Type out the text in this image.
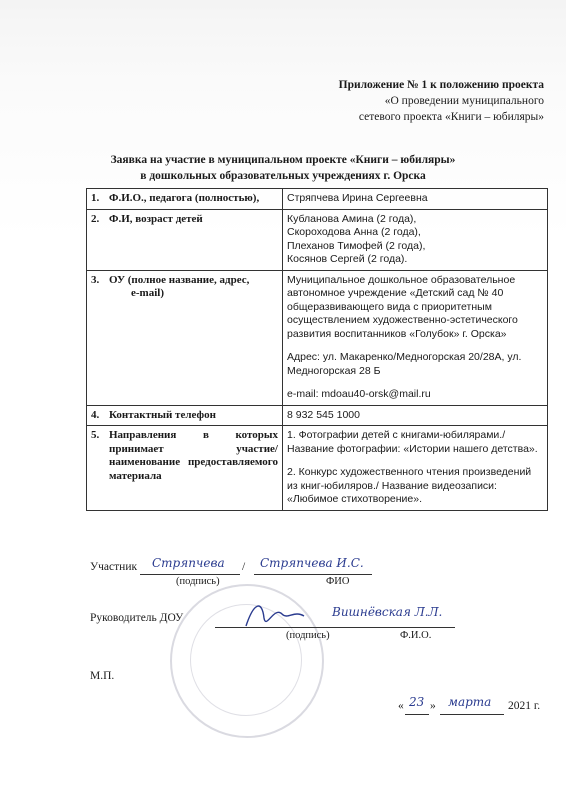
Приложение № 1 к положению проекта
«О проведении муниципального
сетевого проекта «Книги – юбиляры»
Заявка на участие в муниципальном проекте «Книги – юбиляры»
в дошкольных образовательных учреждениях г. Орска
1. Ф.И.О., педагога (полностью),	Стряпчева Ирина Сергеевна
2. Ф.И, возраст детей	Кубланова Амина (2 года),
Скороходова Анна (2 года),
Плеханов Тимофей (2 года),
Косянов Сергей (2 года).

3. ОУ (полное название, адрес,
e-mail)	Муниципальное дошкольное образовательное автономное учреждение «Детский сад № 40 общеразвивающего вида с приоритетным осуществлением художественно-эстетического развития воспитанников «Голубок» г. Орска»
Адрес: ул. Макаренко/Медногорская 20/28А, ул. Медногорская 28 Б
e-mail: mdoau40-orsk@mail.ru

4. Контактный телефон	8 932 545 1000

5. Направления в которых принимает участие/наименование предоставляемого материала	1. Фотографии детей с книгами-юбилярами./ Название фотографии: «Истории нашего детства».
2. Конкурс художественного чтения произведений из книг-юбиляров./ Название видеозаписи: «Любимое стихотворение».
Участник Стряпчева / Стряпчева И.С.
(подпись)	ФИО
Руководитель ДОУ	Вишнёвская Л.Л.
(подпись)	Ф.И.О.
М.П.
« 23 » марта 2021 г.
